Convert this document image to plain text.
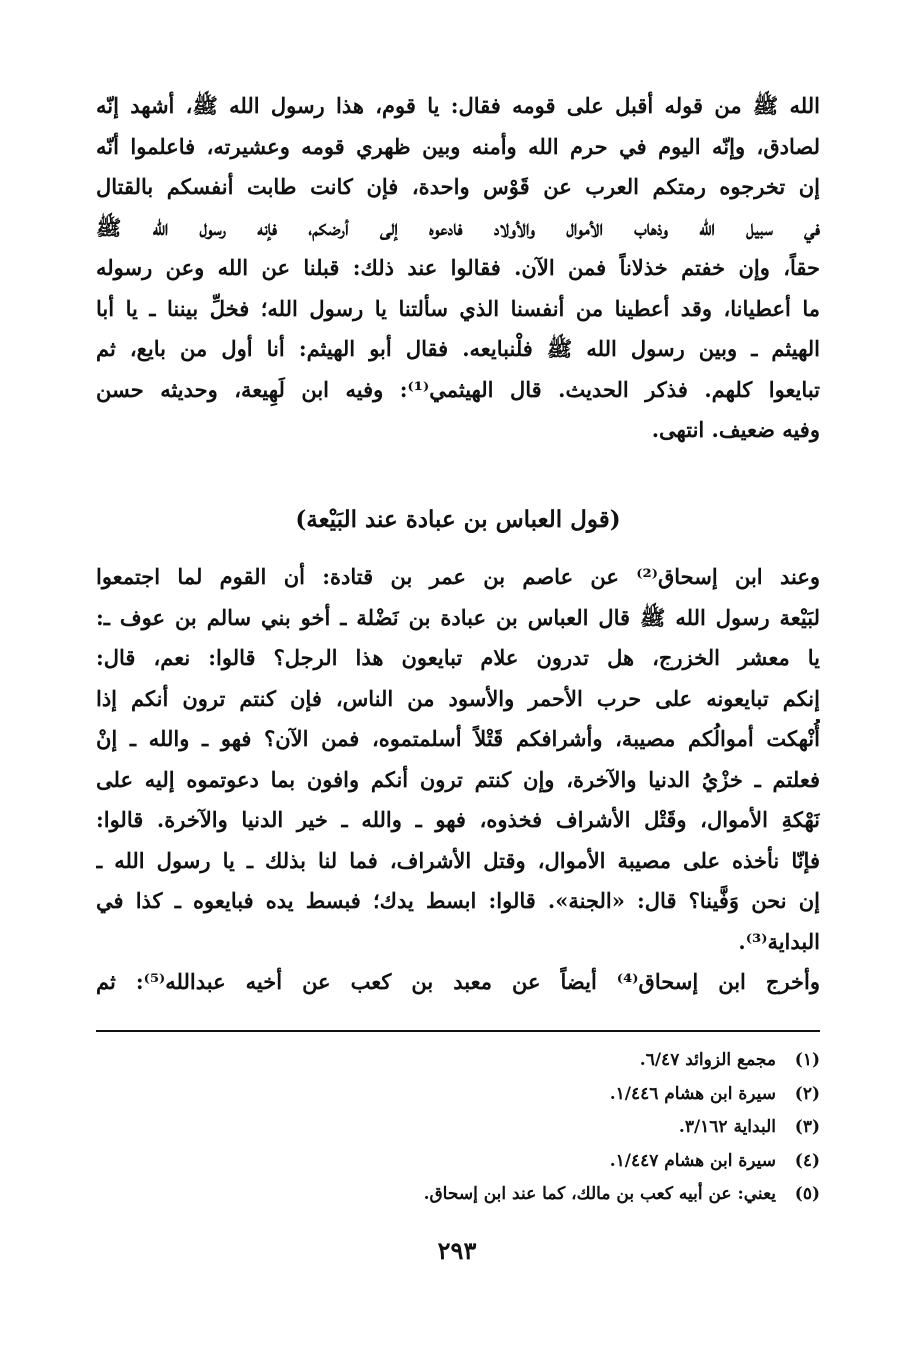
الله ﷺ من قوله أقبل على قومه فقال: يا قوم، هذا رسول الله ﷺ، أشهد إنّه
لصادق، وإنّه اليوم في حرم الله وأمنه وبين ظهري قومه وعشيرته، فاعلموا أنّه
إن تخرجوه رمتكم العرب عن قَوْس واحدة، فإن كانت طابت أنفسكم بالقتال
في سبيل الله وذهاب الأموال والأولاد فادعوه إلى أرضكم، فإنه رسول الله ﷺ
حقاً، وإن خفتم خذلاناً فمن الآن. فقالوا عند ذلك: قبلنا عن الله وعن رسوله
ما أعطيانا، وقد أعطينا من أنفسنا الذي سألتنا يا رسول الله؛ فخلِّ بيننا ـ يا أبا
الهيثم ـ وبين رسول الله ﷺ فلْنبايعه. فقال أبو الهيثم: أنا أول من بايع، ثم
تبايعوا كلهم. فذكر الحديث. قال الهيثمي⁽¹⁾: وفيه ابن لَهِيعة، وحديثه حسن
وفيه ضعيف. انتهى.
(قول العباس بن عبادة عند البَيْعة)
وعند ابن إسحاق⁽²⁾ عن عاصم بن عمر بن قتادة: أن القوم لما اجتمعوا
لبَيْعة رسول الله ﷺ قال العباس بن عبادة بن نَضْلة ـ أخو بني سالم بن عوف ـ:
يا معشر الخزرج، هل تدرون علام تبايعون هذا الرجل؟ قالوا: نعم، قال:
إنكم تبايعونه على حرب الأحمر والأسود من الناس، فإن كنتم ترون أنكم إذا
أُنْهكت أموالُكم مصيبة، وأشرافكم قَتْلاً أسلمتموه، فمن الآن؟ فهو ـ والله ـ إنْ
فعلتم ـ خزْيُ الدنيا والآخرة، وإن كنتم ترون أنكم وافون بما دعوتموه إليه على
نَهْكةِ الأموال، وقَتْل الأشراف فخذوه، فهو ـ والله ـ خير الدنيا والآخرة. قالوا:
فإنّا نأخذه على مصيبة الأموال، وقتل الأشراف، فما لنا بذلك ـ يا رسول الله ـ
إن نحن وَفَّينا؟ قال: «الجنة». قالوا: ابسط يدك؛ فبسط يده فبايعوه ـ كذا في
البداية⁽³⁾.
وأخرج ابن إسحاق⁽⁴⁾ أيضاً عن معبد بن كعب عن أخيه عبدالله⁽⁵⁾: ثم
(١)مجمع الزوائد ٦/٤٧.
(٢)سيرة ابن هشام ١/٤٤٦.
(٣)البداية ٣/١٦٢.
(٤)سيرة ابن هشام ١/٤٤٧.
(٥)يعني: عن أبيه كعب بن مالك، كما عند ابن إسحاق.
٢٩٣
